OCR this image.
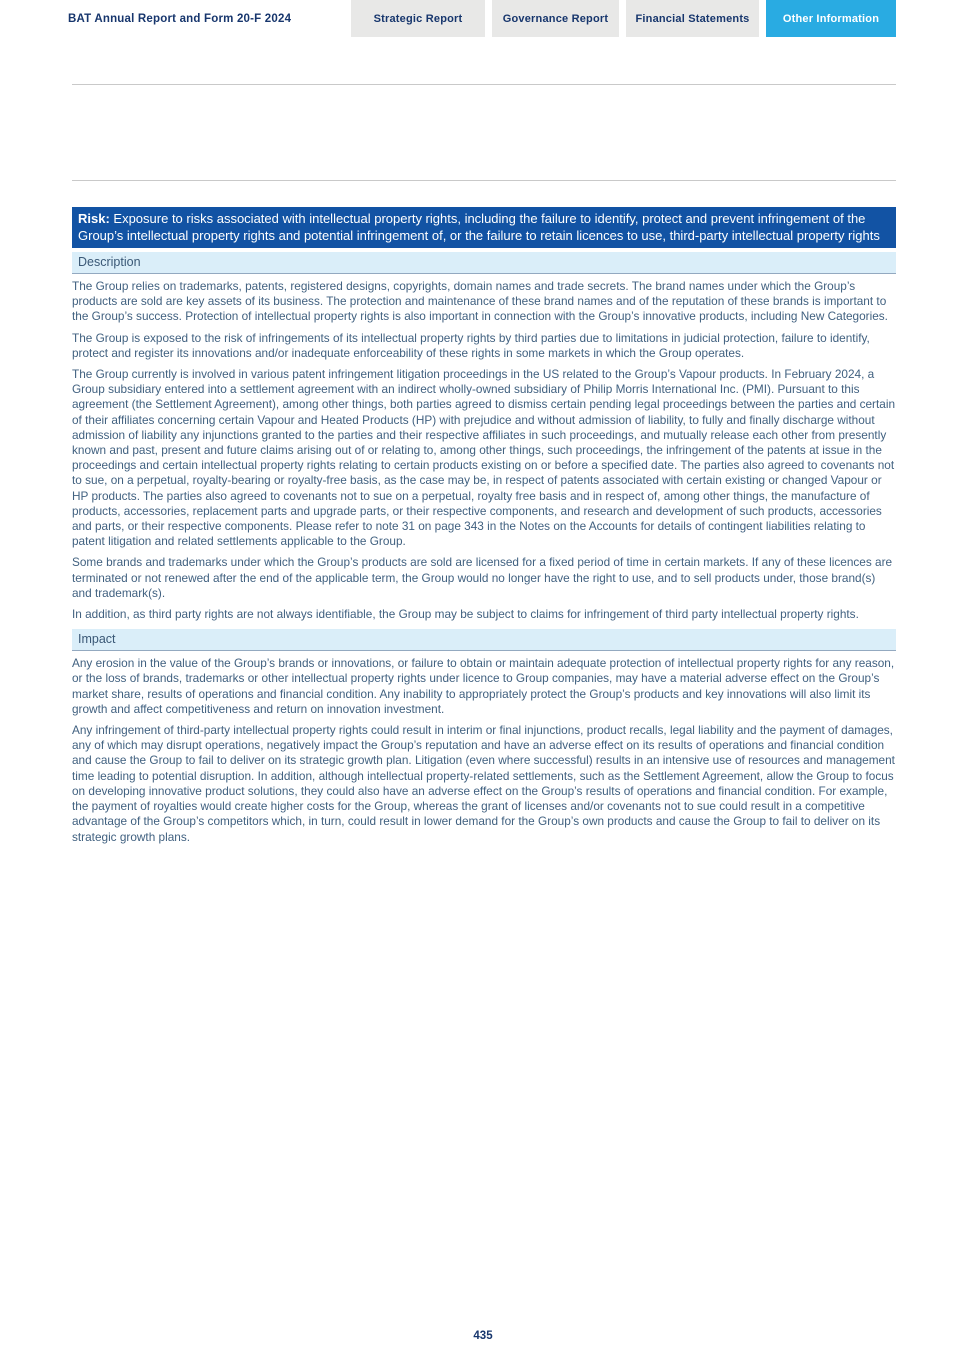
BAT Annual Report and Form 20-F 2024	Strategic Report	Governance Report	Financial Statements	Other Information
Risk: Exposure to risks associated with intellectual property rights, including the failure to identify, protect and prevent infringement of the Group’s intellectual property rights and potential infringement of, or the failure to retain licences to use, third-party intellectual property rights
Description

The Group relies on trademarks, patents, registered designs, copyrights, domain names and trade secrets. The brand names under which the Group’s products are sold are key assets of its business. The protection and maintenance of these brand names and of the reputation of these brands is important to the Group’s success. Protection of intellectual property rights is also important in connection with the Group’s innovative products, including New Categories.

The Group is exposed to the risk of infringements of its intellectual property rights by third parties due to limitations in judicial protection, failure to identify, protect and register its innovations and/or inadequate enforceability of these rights in some markets in which the Group operates.

The Group currently is involved in various patent infringement litigation proceedings in the US related to the Group’s Vapour products. In February 2024, a Group subsidiary entered into a settlement agreement with an indirect wholly-owned subsidiary of Philip Morris International Inc. (PMI). Pursuant to this agreement (the Settlement Agreement), among other things, both parties agreed to dismiss certain pending legal proceedings between the parties and certain of their affiliates concerning certain Vapour and Heated Products (HP) with prejudice and without admission of liability, to fully and finally discharge without admission of liability any injunctions granted to the parties and their respective affiliates in such proceedings, and mutually release each other from presently known and past, present and future claims arising out of or relating to, among other things, such proceedings, the infringement of the patents at issue in the proceedings and certain intellectual property rights relating to certain products existing on or before a specified date. The parties also agreed to covenants not to sue, on a perpetual, royalty-bearing or royalty-free basis, as the case may be, in respect of patents associated with certain existing or changed Vapour or HP products. The parties also agreed to covenants not to sue on a perpetual, royalty free basis and in respect of, among other things, the manufacture of products, accessories, replacement parts and upgrade parts, or their respective components, and research and development of such products, accessories and parts, or their respective components. Please refer to note 31 on page 343 in the Notes on the Accounts for details of contingent liabilities relating to patent litigation and related settlements applicable to the Group.

Some brands and trademarks under which the Group’s products are sold are licensed for a fixed period of time in certain markets. If any of these licences are terminated or not renewed after the end of the applicable term, the Group would no longer have the right to use, and to sell products under, those brand(s) and trademark(s).

In addition, as third party rights are not always identifiable, the Group may be subject to claims for infringement of third party intellectual property rights.

Impact

Any erosion in the value of the Group’s brands or innovations, or failure to obtain or maintain adequate protection of intellectual property rights for any reason, or the loss of brands, trademarks or other intellectual property rights under licence to Group companies, may have a material adverse effect on the Group’s market share, results of operations and financial condition. Any inability to appropriately protect the Group’s products and key innovations will also limit its growth and affect competitiveness and return on innovation investment.

Any infringement of third-party intellectual property rights could result in interim or final injunctions, product recalls, legal liability and the payment of damages, any of which may disrupt operations, negatively impact the Group’s reputation and have an adverse effect on its results of operations and financial condition and cause the Group to fail to deliver on its strategic growth plan. Litigation (even where successful) results in an intensive use of resources and management time leading to potential disruption. In addition, although intellectual property-related settlements, such as the Settlement Agreement, allow the Group to focus on developing innovative product solutions, they could also have an adverse effect on the Group’s results of operations and financial condition. For example, the payment of royalties would create higher costs for the Group, whereas the grant of licenses and/or covenants not to sue could result in a competitive advantage of the Group’s competitors which, in turn, could result in lower demand for the Group’s own products and cause the Group to fail to deliver on its strategic growth plans.

435
